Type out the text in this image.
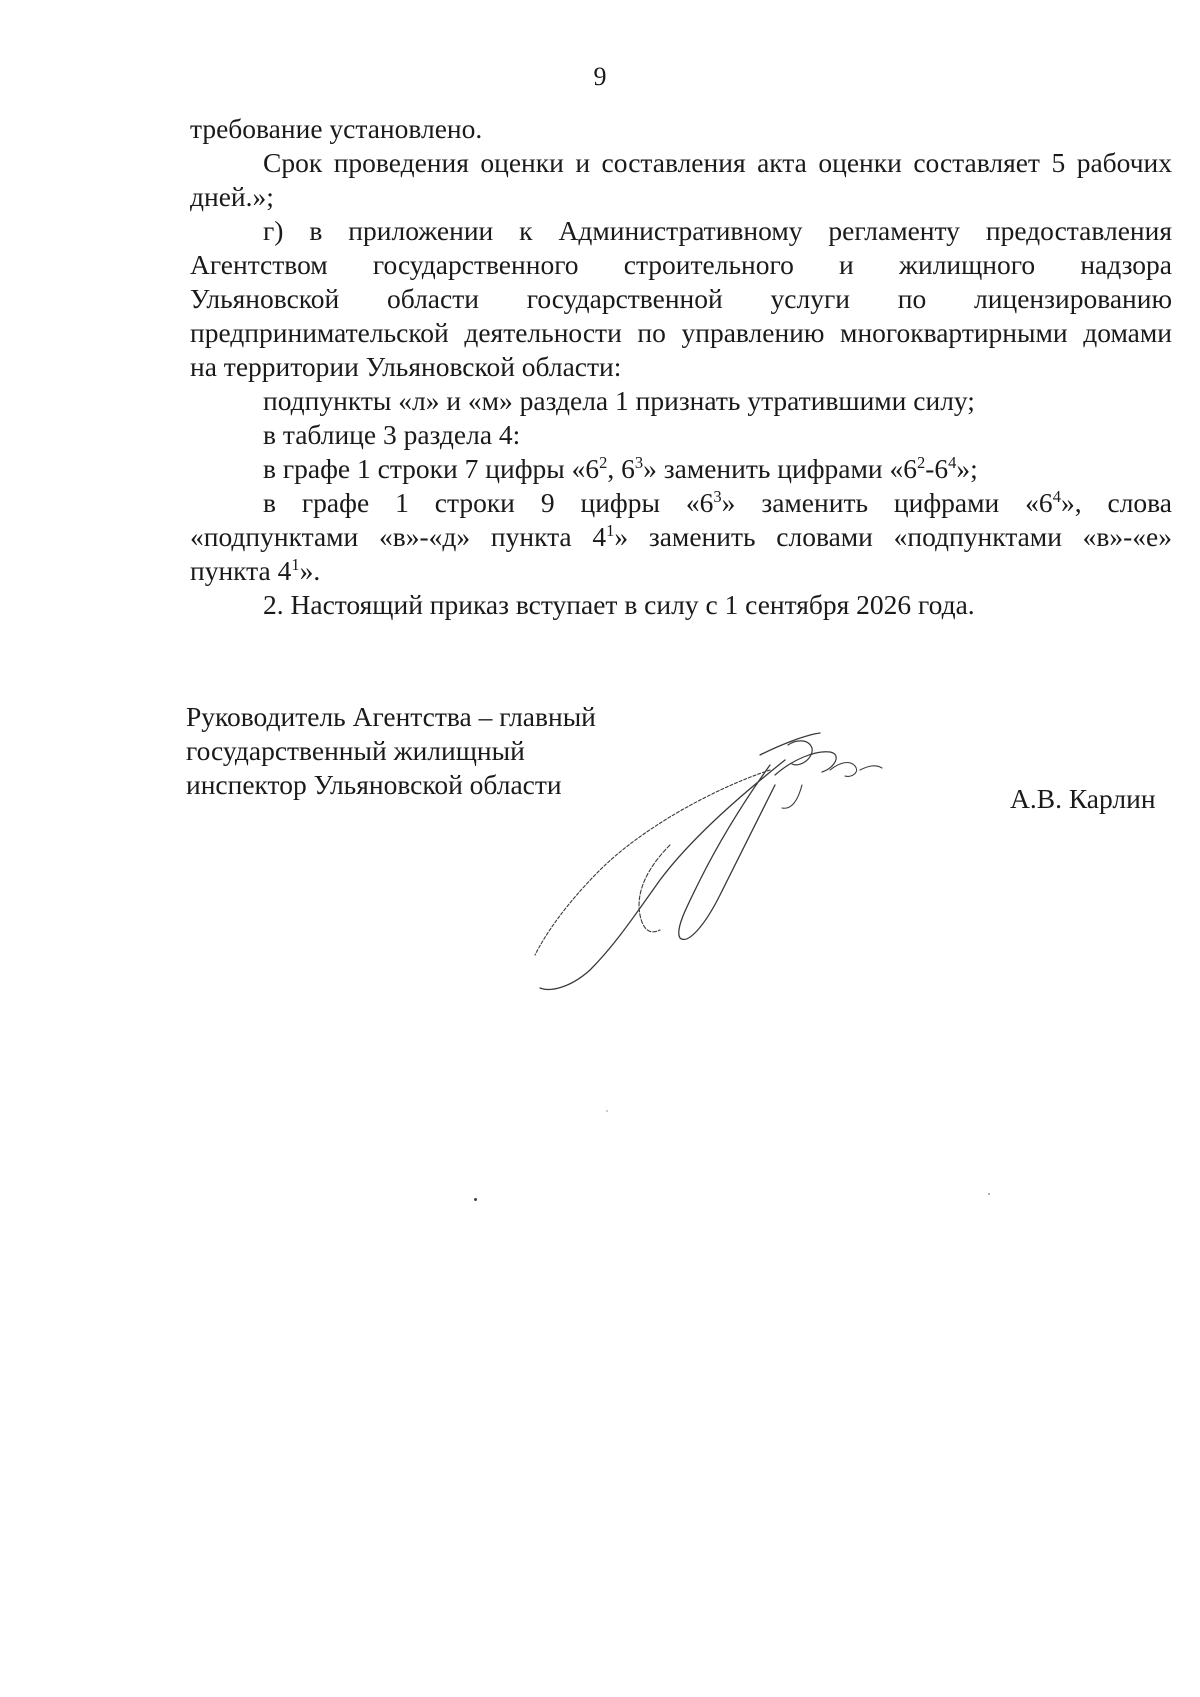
9

требование установлено.

Срок проведения оценки и составления акта оценки составляет 5 рабочих

дней.»;

г) в приложении к Административному регламенту предоставления

Агентством государственного строительного и жилищного надзора

Ульяновской области государственной услуги по лицензированию

предпринимательской деятельности по управлению многоквартирными домами

на территории Ульяновской области:

подпункты «л» и «м» раздела 1 признать утратившими силу;

в таблице 3 раздела 4:

в графе 1 строки 7 цифры «$6^2$, $6^3$» заменить цифрами «$6^2-6^4$»;

в графе 1 строки 9 цифры «$6^3$» заменить цифрами «$6^4$», слова

«подпунктами «в»-«д» пункта $4^1$» заменить словами «подпунктами «в»-«е»

пункта $4^1$».

2. Настоящий приказ вступает в силу с 1 сентября 2026 года.

Руководитель Агентства – главный
государственный жилищный
инспектор Ульяновской области	А.В. Карлин
